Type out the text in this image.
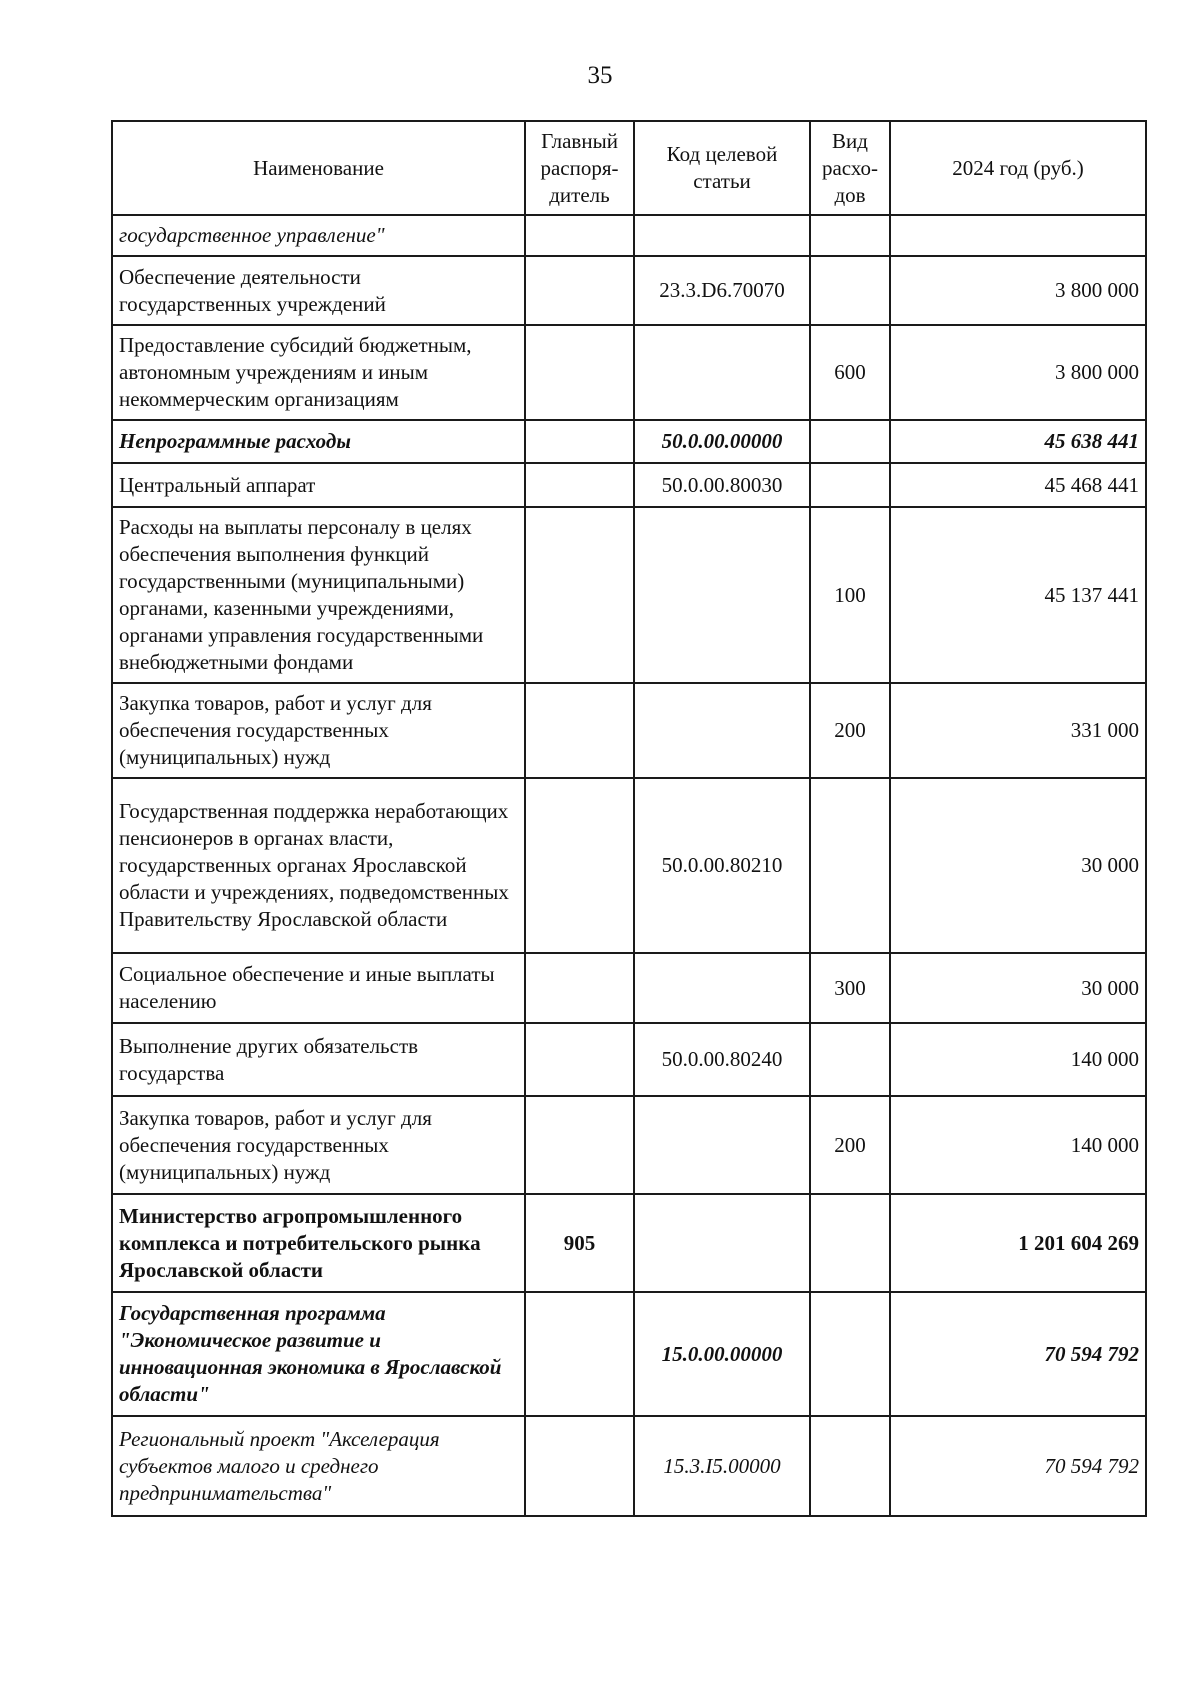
35
Наименование	Главный распоря-дитель	Код целевой статьи	Вид расхо-дов	2024 год (руб.)
государственное управление"				
Обеспечение деятельности государственных учреждений		23.3.D6.70070		3 800 000
Предоставление субсидий бюджетным, автономным учреждениям и иным некоммерческим организациям			600	3 800 000
Непрограммные расходы		50.0.00.00000		45 638 441
Центральный аппарат		50.0.00.80030		45 468 441
Расходы на выплаты персоналу в целях обеспечения выполнения функций государственными (муниципальными) органами, казенными учреждениями, органами управления государственными внебюджетными фондами			100	45 137 441
Закупка товаров, работ и услуг для обеспечения государственных (муниципальных) нужд			200	331 000
Государственная поддержка неработающих пенсионеров в органах власти, государственных органах Ярославской области и учреждениях, подведомственных Правительству Ярославской области		50.0.00.80210		30 000
Социальное обеспечение и иные выплаты населению			300	30 000
Выполнение других обязательств государства		50.0.00.80240		140 000
Закупка товаров, работ и услуг для обеспечения государственных (муниципальных) нужд			200	140 000
Министерство агропромышленного комплекса и потребительского рынка Ярославской области	905			1 201 604 269
Государственная программа "Экономическое развитие и инновационная экономика в Ярославской области"		15.0.00.00000		70 594 792
Региональный проект "Акселерация субъектов малого и среднего предпринимательства"		15.3.I5.00000		70 594 792
